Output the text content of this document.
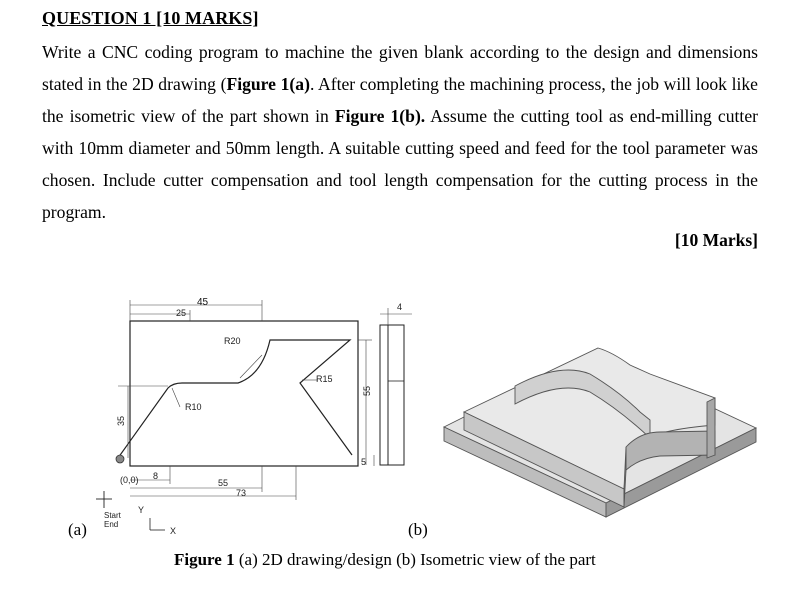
QUESTION 1 [10 MARKS]

Write a CNC coding program to machine the given blank according to the design and dimensions stated in the 2D drawing (Figure 1(a). After completing the machining process, the job will look like the isometric view of the part shown in Figure 1(b). Assume the cutting tool as end-milling cutter with 10mm diameter and 50mm length. A suitable cutting speed and feed for the tool parameter was chosen. Include cutter compensation and tool length compensation for the cutting process in the program.

[10 Marks]
45
25
4
R20
R15
R10
35
55
5
(0,0) 8
55
73
Y
X
Start
End
(a)	(b)
Figure 1 (a) 2D drawing/design (b) Isometric view of the part
